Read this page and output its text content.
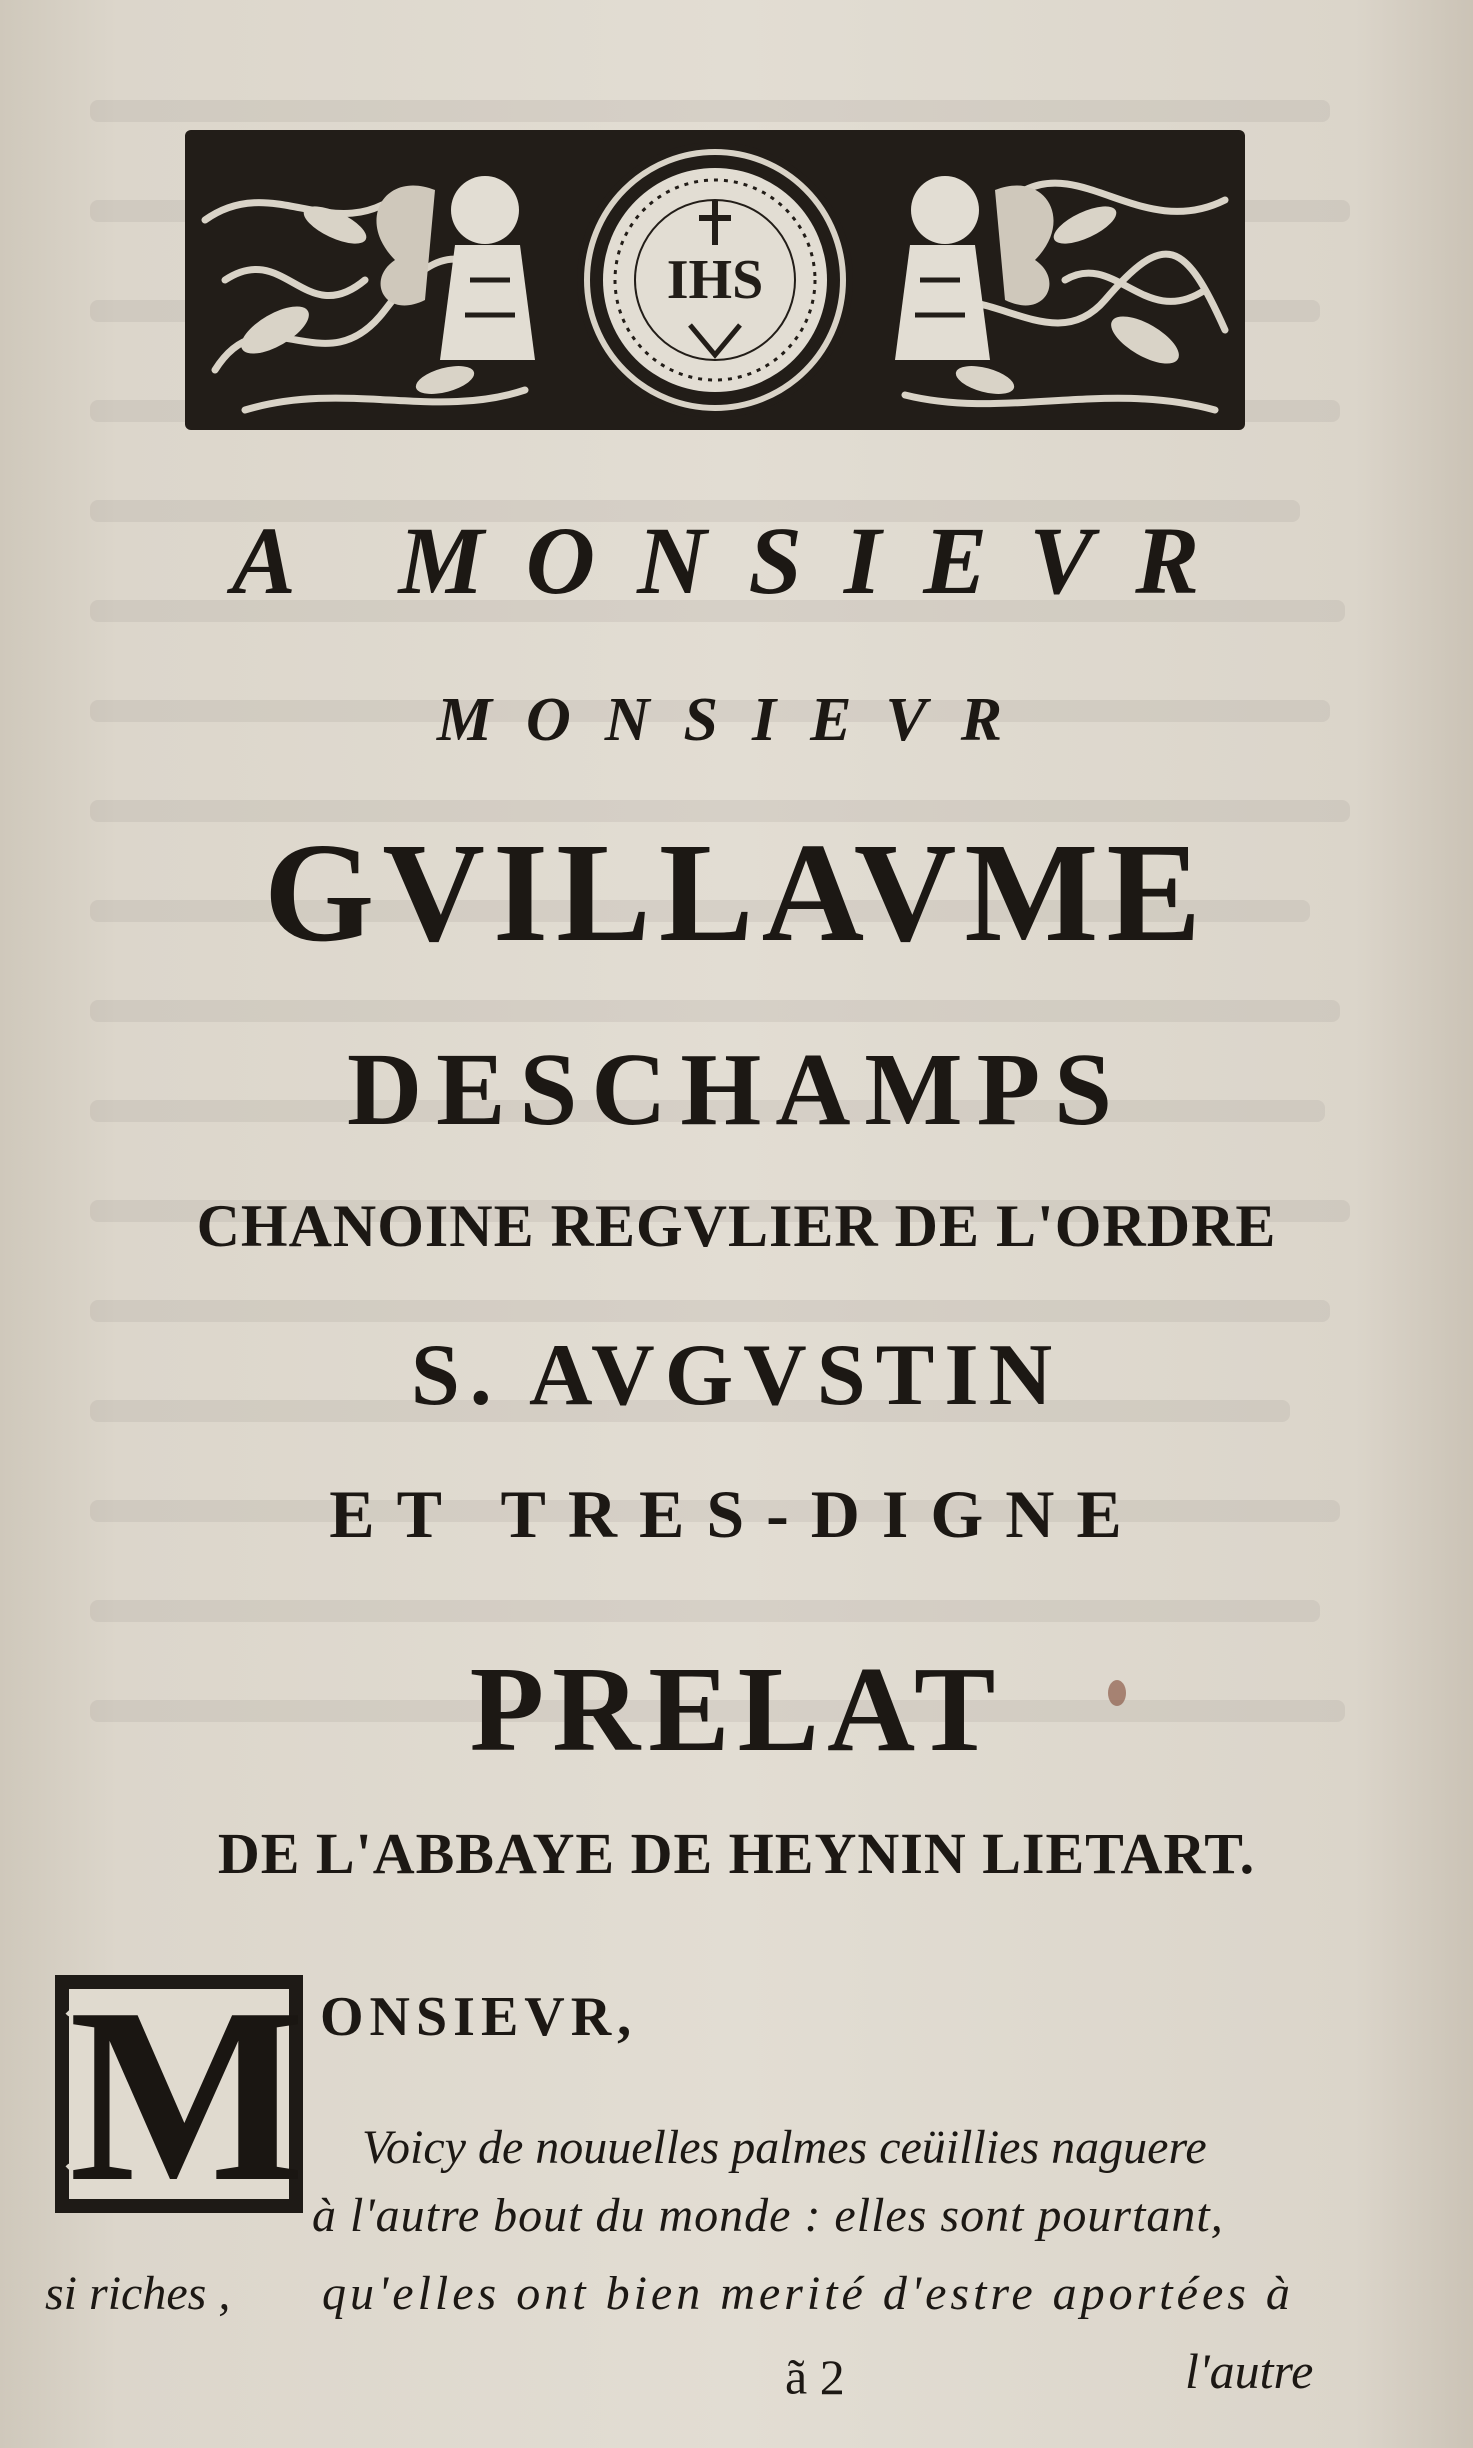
IHS
A MONSIEVR
MONSIEVR
GVILLAVME
DESCHAMPS
CHANOINE REGVLIER DE L'ORDRE
S. AVGVSTIN
ET TRES-DIGNE
PRELAT
DE L'ABBAYE DE HEYNIN LIETART.
M ONSIEVR,
Voicy de nouuelles palmes ceüillies naguere
à l'autre bout du monde : elles sont pourtant,
si riches , qu'elles ont bien merité d'estre aportées à
ã 2	l'autre
